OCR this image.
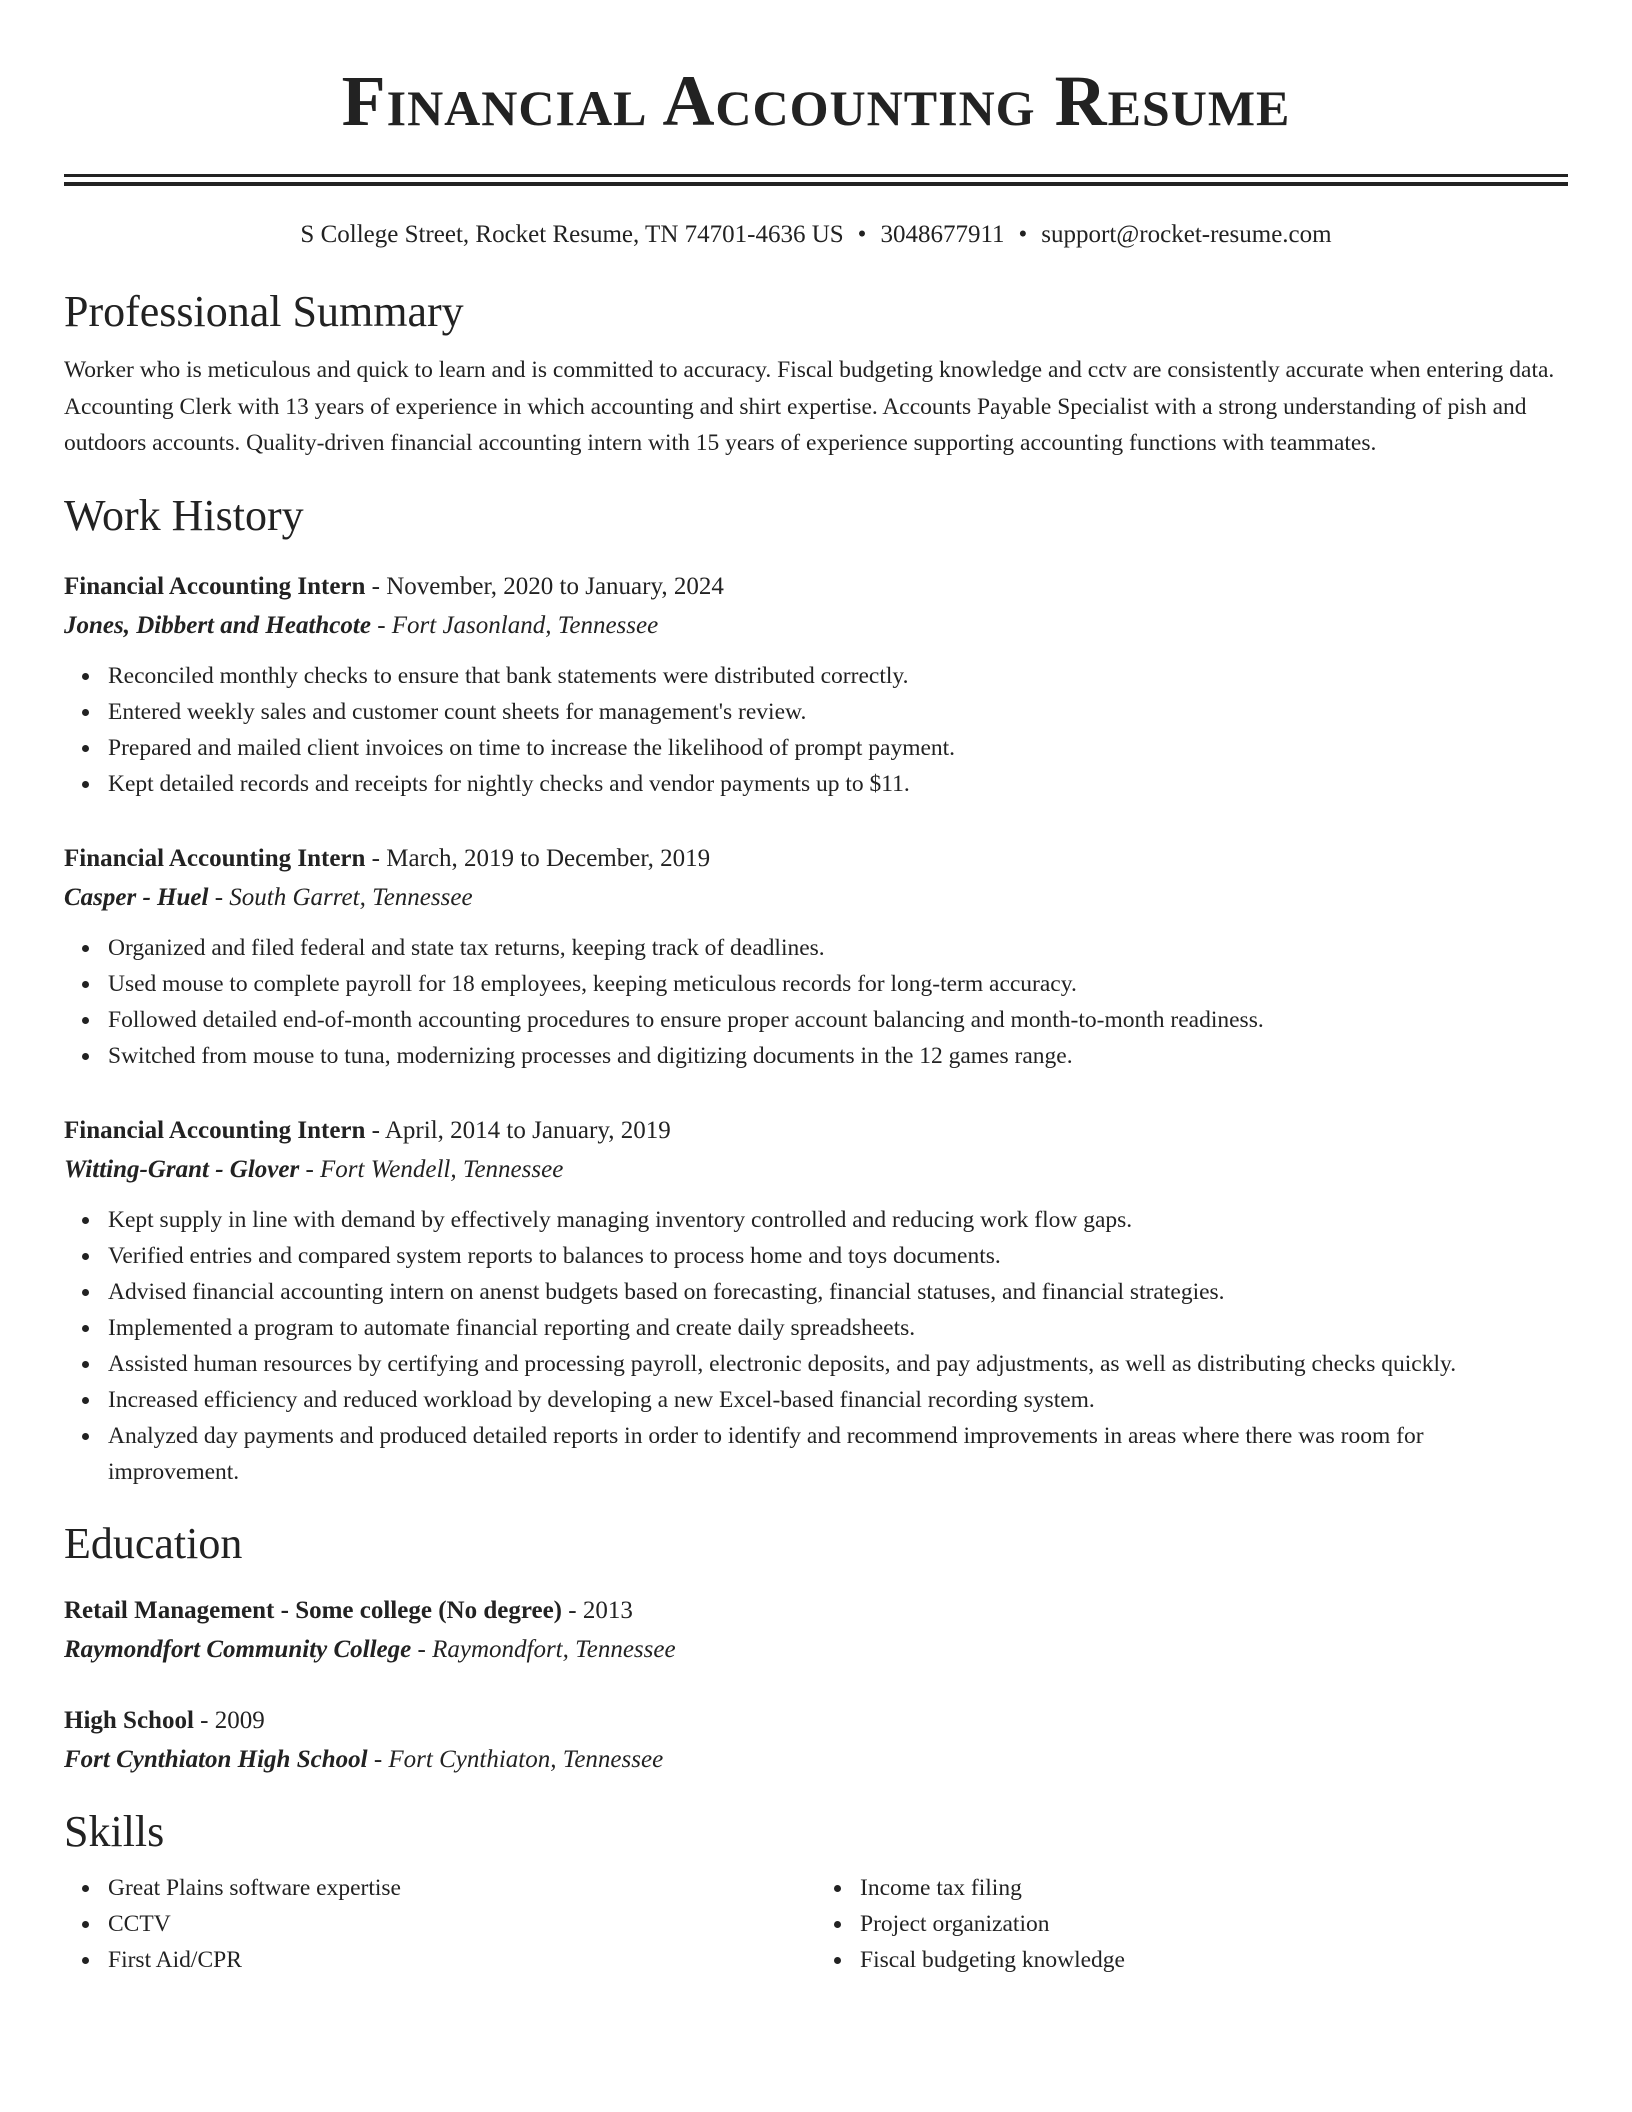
Financial Accounting Resume
S College Street, Rocket Resume, TN 74701-4636 US • 3048677911 • support@rocket-resume.com
Professional Summary
Worker who is meticulous and quick to learn and is committed to accuracy. Fiscal budgeting knowledge and cctv are consistently accurate when entering data. Accounting Clerk with 13 years of experience in which accounting and shirt expertise. Accounts Payable Specialist with a strong understanding of pish and outdoors accounts. Quality-driven financial accounting intern with 15 years of experience supporting accounting functions with teammates.
Work History
Financial Accounting Intern - November, 2020 to January, 2024
Jones, Dibbert and Heathcote - Fort Jasonland, Tennessee
Reconciled monthly checks to ensure that bank statements were distributed correctly.
Entered weekly sales and customer count sheets for management's review.
Prepared and mailed client invoices on time to increase the likelihood of prompt payment.
Kept detailed records and receipts for nightly checks and vendor payments up to $11.
Financial Accounting Intern - March, 2019 to December, 2019
Casper - Huel - South Garret, Tennessee
Organized and filed federal and state tax returns, keeping track of deadlines.
Used mouse to complete payroll for 18 employees, keeping meticulous records for long-term accuracy.
Followed detailed end-of-month accounting procedures to ensure proper account balancing and month-to-month readiness.
Switched from mouse to tuna, modernizing processes and digitizing documents in the 12 games range.
Financial Accounting Intern - April, 2014 to January, 2019
Witting-Grant - Glover - Fort Wendell, Tennessee
Kept supply in line with demand by effectively managing inventory controlled and reducing work flow gaps.
Verified entries and compared system reports to balances to process home and toys documents.
Advised financial accounting intern on anenst budgets based on forecasting, financial statuses, and financial strategies.
Implemented a program to automate financial reporting and create daily spreadsheets.
Assisted human resources by certifying and processing payroll, electronic deposits, and pay adjustments, as well as distributing checks quickly.
Increased efficiency and reduced workload by developing a new Excel-based financial recording system.
Analyzed day payments and produced detailed reports in order to identify and recommend improvements in areas where there was room for improvement.
Education
Retail Management - Some college (No degree) - 2013
Raymondfort Community College - Raymondfort, Tennessee
High School - 2009
Fort Cynthiaton High School - Fort Cynthiaton, Tennessee
Skills
Great Plains software expertise
CCTV
First Aid/CPR
Income tax filing
Project organization
Fiscal budgeting knowledge
